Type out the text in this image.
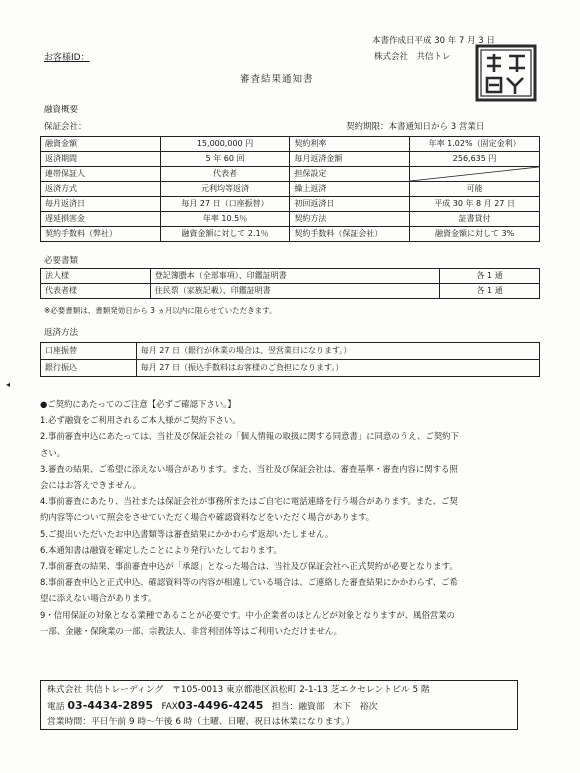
本書作成日平成 30 年 7 月 3 日
お客様ID：	株式会社　共信トレ
審査結果通知書
融資概要
保証会社：	契約期限：本書通知日から 3 営業日
融資金額	15,000,000 円	契約利率	年率 1.02%（固定金利）
返済期間	5 年 60 回	毎月返済金額	256,635 円
連帯保証人	代表者	担保設定	

返済方式	元利均等返済	繰上返済	可能
毎月返済日	毎月 27 日（口座振替）	初回返済日	平成 30 年 8 月 27 日
遅延損害金	年率 10.5％	契約方法	証書貸付
契約手数料（弊社）	融資金額に対して 2.1％	契約手数料（保証会社）	融資金額に対して 3%
必要書類
法人様	登記簿謄本（全部事項）、印鑑証明書	各 1 通
代表者様	住民票（家族記載）、印鑑証明書	各 1 通
※必要書類は、書類発効日から 3 ヵ月以内に限らせていただきます。
返済方法
口座振替	毎月 27 日（銀行が休業の場合は、翌営業日になります。）
銀行振込	毎月 27 日（振込手数料はお客様のご負担になります。）
◂
●ご契約にあたってのご注意【必ずご確認下さい。】
1.必ず融資をご利用されるご本人様がご契約下さい。
2.事前審査申込にあたっては、当社及び保証会社の「個人情報の取扱に関する同意書」に同意のうえ、ご契約下
さい。
3.審査の結果、ご希望に添えない場合があります。また、当社及び保証会社は、審査基準・審査内容に関する照
会にはお答えできません。
4.事前審査にあたり、当社または保証会社が事務所またはご自宅に電話連絡を行う場合があります。また、ご契
約内容等について照会をさせていただく場合や確認資料などをいただく場合があります。
5.ご提出いただいたお申込書類等は審査結果にかかわらず返却いたしません。
6.本通知書は融資を確定したことにより発行いたしております。
7.事前審査の結果、事前審査申込が「承認」となった場合は、当社及び保証会社へ正式契約が必要となります。
8.事前審査申込と正式申込、確認資料等の内容が相違している場合は、ご連絡した審査結果にかかわらず、ご希
望に添えない場合があります。
9・信用保証の対象となる業種であることが必要です。中小企業者のほとんどが対象となりますが、風俗営業の
一部、金融・保険業の一部、宗教法人、非営利団体等はご利用いただけません。
株式会社 共信トレーディング　〒105-0013 東京都港区浜松町 2-1-13 芝エクセレントビル 5 階
電話 03-4434-2895 FAX03-4496-4245 担当：融資部　木下　裕次
営業時間：平日午前 9 時〜午後 6 時（土曜、日曜、祝日は休業になります。）
